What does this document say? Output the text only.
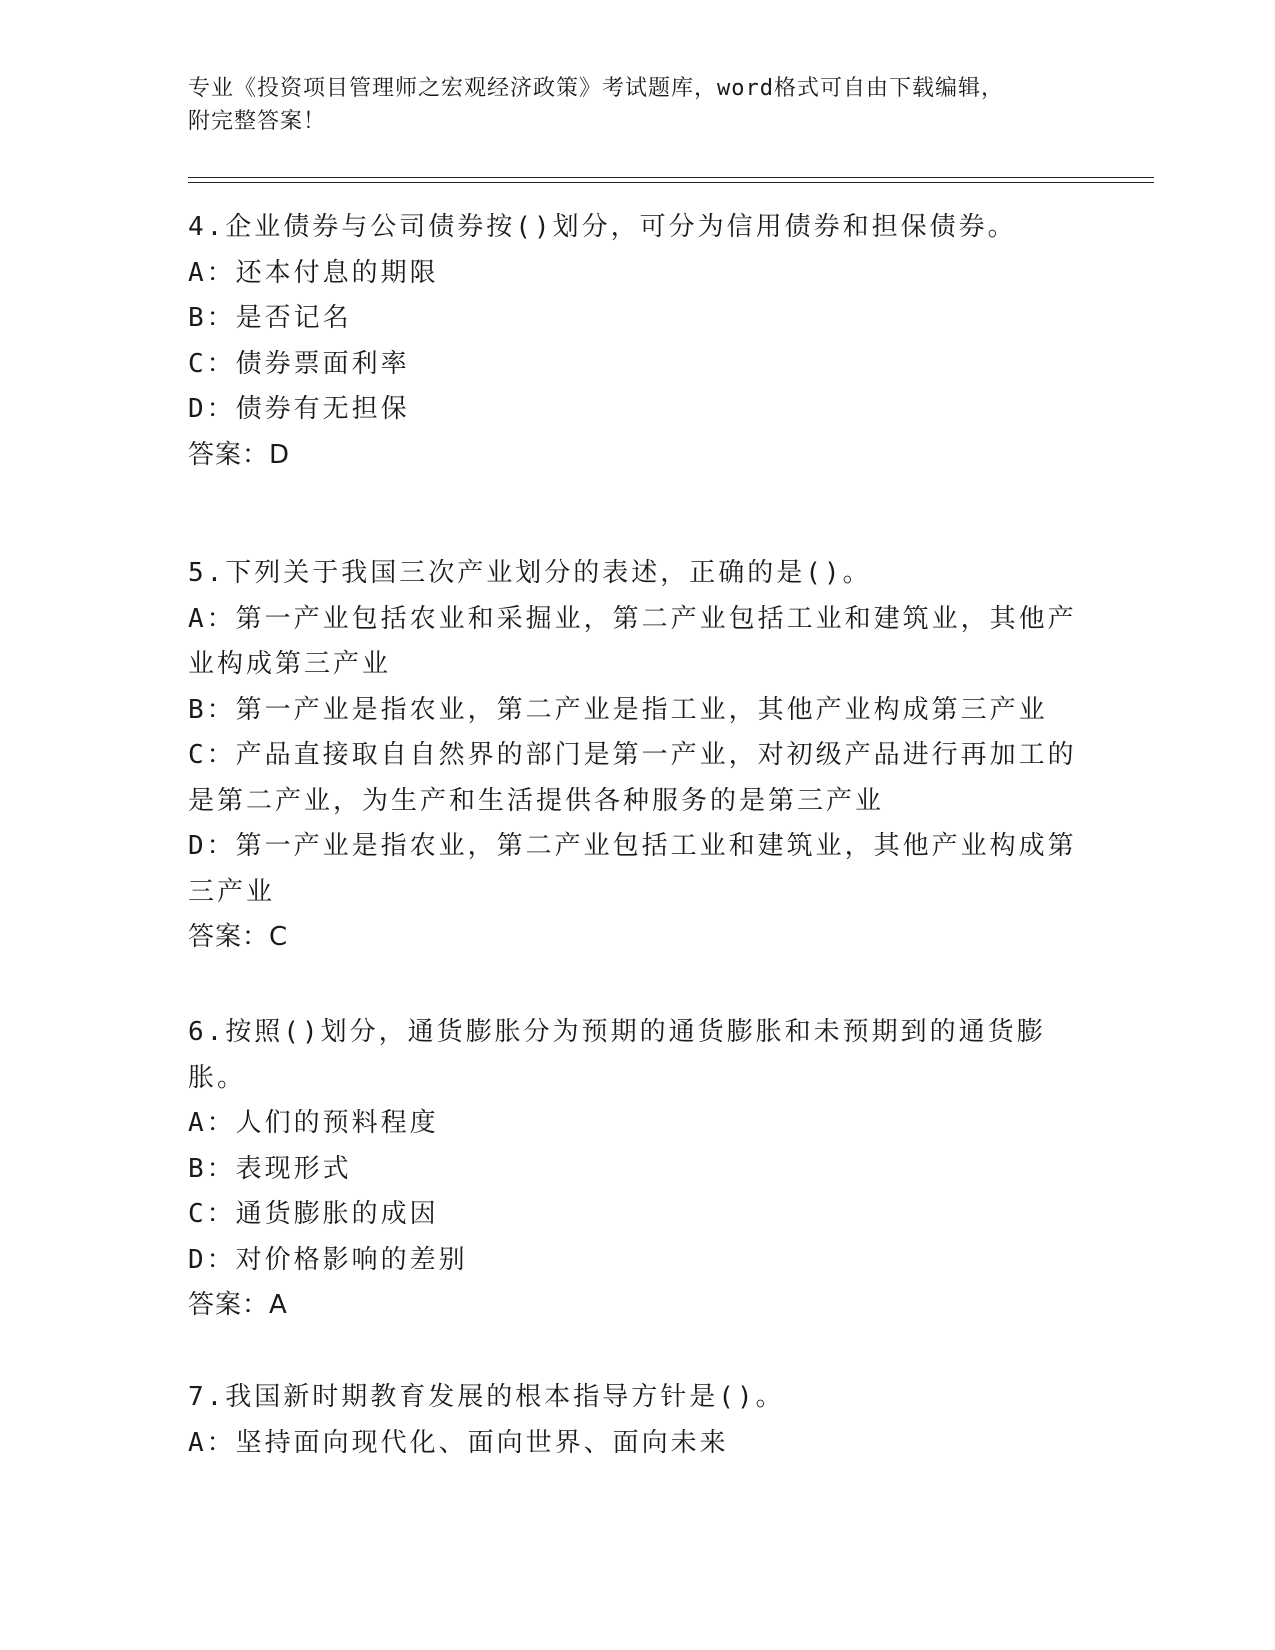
专业《投资项目管理师之宏观经济政策》考试题库，word格式可自由下载编辑，
附完整答案！
4.企业债券与公司债券按()划分，可分为信用债券和担保债券。
A：还本付息的期限
B：是否记名
C：债券票面利率
D：债券有无担保
答案：D
5.下列关于我国三次产业划分的表述，正确的是()。
A：第一产业包括农业和采掘业，第二产业包括工业和建筑业，其他产业构成第三产业
B：第一产业是指农业，第二产业是指工业，其他产业构成第三产业
C：产品直接取自自然界的部门是第一产业，对初级产品进行再加工的是第二产业，为生产和生活提供各种服务的是第三产业
D：第一产业是指农业，第二产业包括工业和建筑业，其他产业构成第三产业
答案：C
6.按照()划分，通货膨胀分为预期的通货膨胀和未预期到的通货膨胀。
A：人们的预料程度
B：表现形式
C：通货膨胀的成因
D：对价格影响的差别
答案：A
7.我国新时期教育发展的根本指导方针是()。
A：坚持面向现代化、面向世界、面向未来
